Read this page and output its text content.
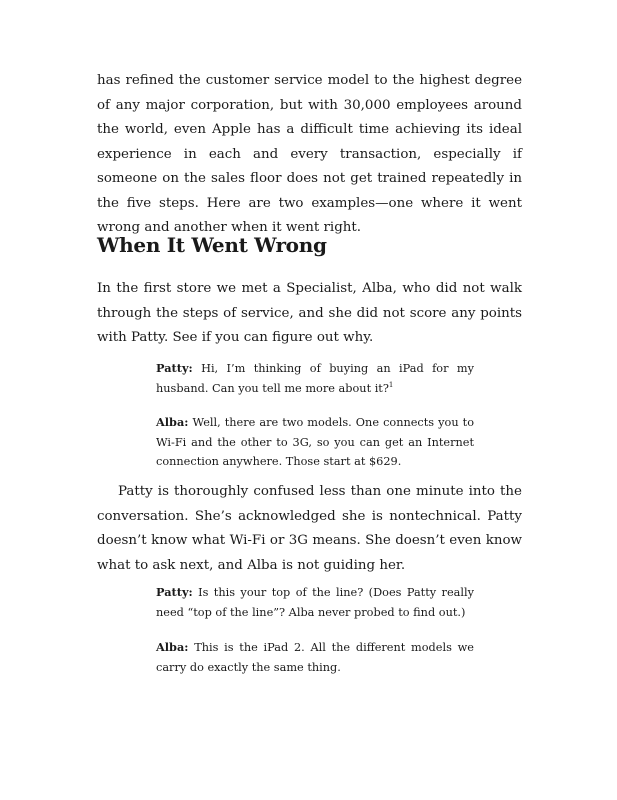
has refined the customer service model to the highest degree of any major corporation, but with 30,000 employees around the world, even Apple has a difficult time achieving its ideal experience in each and every transaction, especially if someone on the sales floor does not get trained repeatedly in the five steps. Here are two examples—one where it went wrong and another when it went right.

When It Went Wrong

In the first store we met a Specialist, Alba, who did not walk through the steps of service, and she did not score any points with Patty. See if you can figure out why.

Patty: Hi, I’m thinking of buying an iPad for my husband. Can you tell me more about it?$^1$

Alba: Well, there are two models. One connects you to Wi-Fi and the other to 3G, so you can get an Internet connection anywhere. Those start at $629.

Patty is thoroughly confused less than one minute into the conversation. She’s acknowledged she is nontechnical. Patty doesn’t know what Wi-Fi or 3G means. She doesn’t even know what to ask next, and Alba is not guiding her.

Patty: Is this your top of the line? (Does Patty really need “top of the line”? Alba never probed to find out.)

Alba: This is the iPad 2. All the different models we carry do exactly the same thing.
